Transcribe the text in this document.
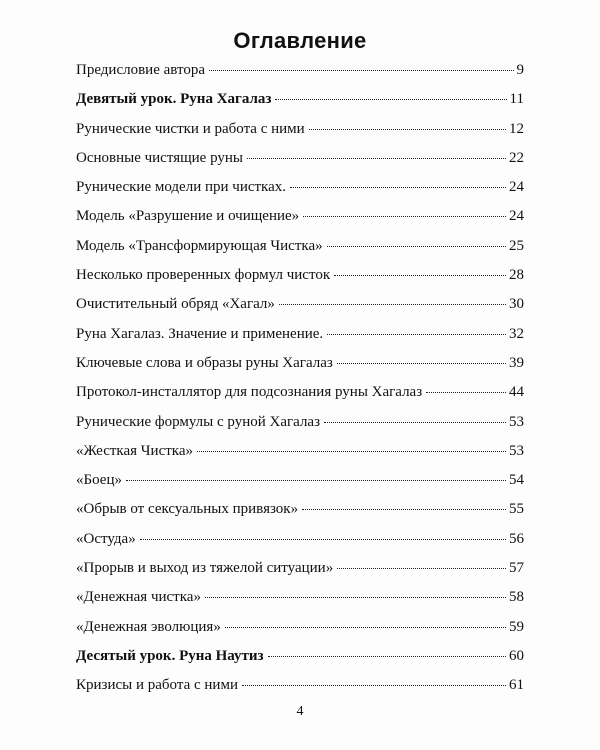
Оглавление
Предисловие автора	9
Девятый урок. Руна Хагалаз	11
Рунические чистки и работа с ними	12
Основные чистящие руны	22
Рунические модели при чистках.	24
Модель «Разрушение и очищение»	24
Модель «Трансформирующая Чистка»	25
Несколько проверенных формул чисток	28
Очистительный обряд «Хагал»	30
Руна Хагалаз. Значение и применение.	32
Ключевые слова и образы руны Хагалаз	39
Протокол-инсталлятор для подсознания руны Хагалаз	44
Рунические формулы с руной Хагалаз	53
«Жесткая Чистка»	53
«Боец»	54
«Обрыв от сексуальных привязок»	55
«Остуда»	56
«Прорыв и выход из тяжелой ситуации»	57
«Денежная чистка»	58
«Денежная эволюция»	59
Десятый урок. Руна Наутиз	60
Кризисы и работа с ними	61
4
